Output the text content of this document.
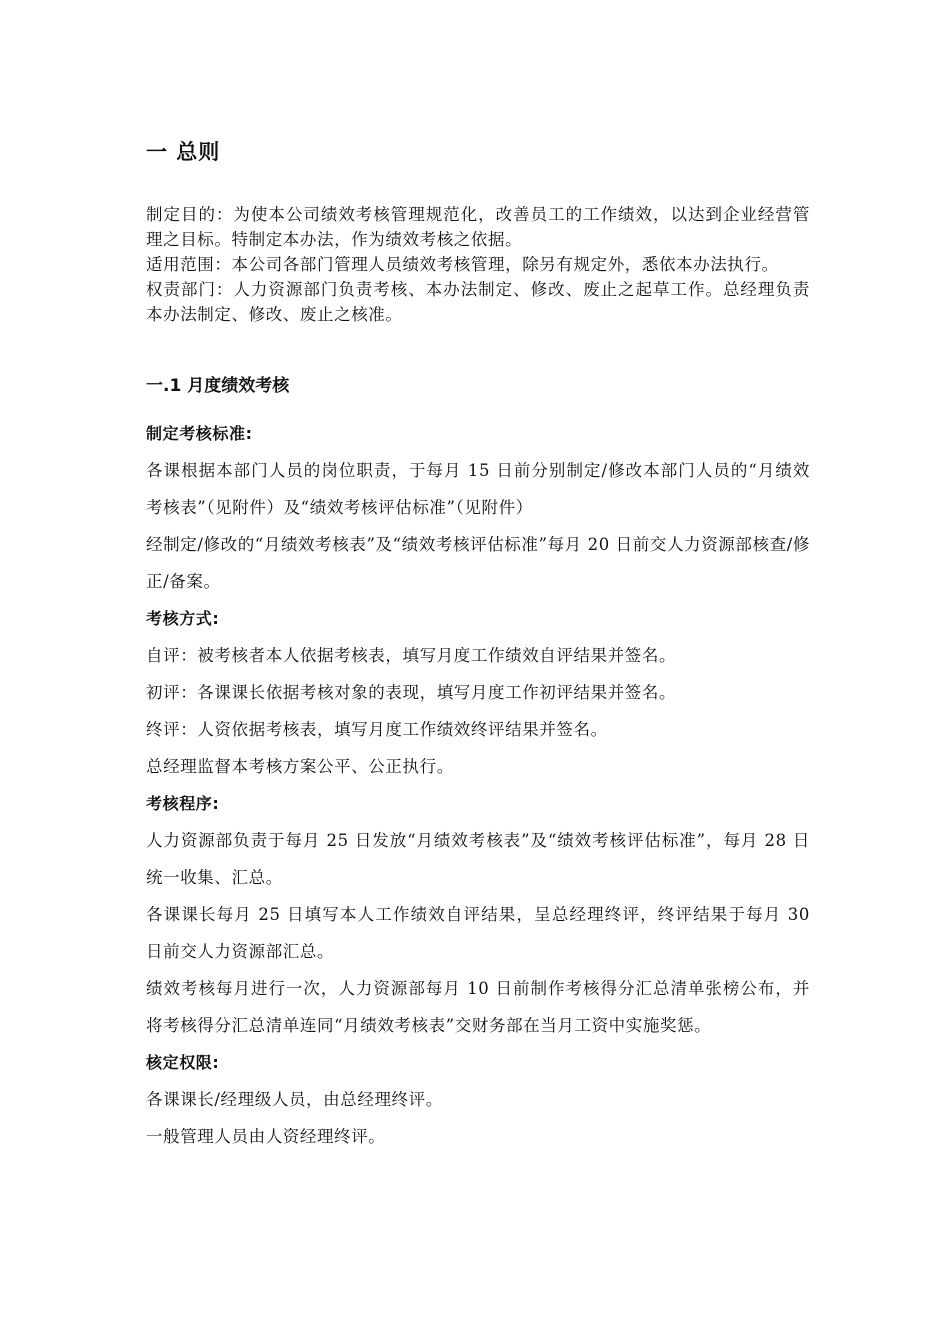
一 总则

制定目的：为使本公司绩效考核管理规范化，改善员工的工作绩效，以达到企业经营管理之目标。特制定本办法，作为绩效考核之依据。

适用范围：本公司各部门管理人员绩效考核管理，除另有规定外，悉依本办法执行。

权责部门：人力资源部门负责考核、本办法制定、修改、废止之起草工作。总经理负责本办法制定、修改、废止之核准。

一.1 月度绩效考核

制定考核标准:

各课根据本部门人员的岗位职责，于每月 15 日前分别制定/修改本部门人员的“月绩效考核表”（见附件）及“绩效考核评估标准”（见附件）

经制定/修改的“月绩效考核表”及“绩效考核评估标准”每月 20 日前交人力资源部核查/修正/备案。

考核方式:

自评：被考核者本人依据考核表，填写月度工作绩效自评结果并签名。

初评：各课课长依据考核对象的表现，填写月度工作初评结果并签名。

终评：人资依据考核表，填写月度工作绩效终评结果并签名。

总经理监督本考核方案公平、公正执行。

考核程序:

人力资源部负责于每月 25 日发放“月绩效考核表”及“绩效考核评估标准”，每月 28 日统一收集、汇总。

各课课长每月 25 日填写本人工作绩效自评结果，呈总经理终评，终评结果于每月 30 日前交人力资源部汇总。

绩效考核每月进行一次，人力资源部每月 10 日前制作考核得分汇总清单张榜公布，并将考核得分汇总清单连同“月绩效考核表”交财务部在当月工资中实施奖惩。

核定权限:

各课课长/经理级人员，由总经理终评。

一般管理人员由人资经理终评。
